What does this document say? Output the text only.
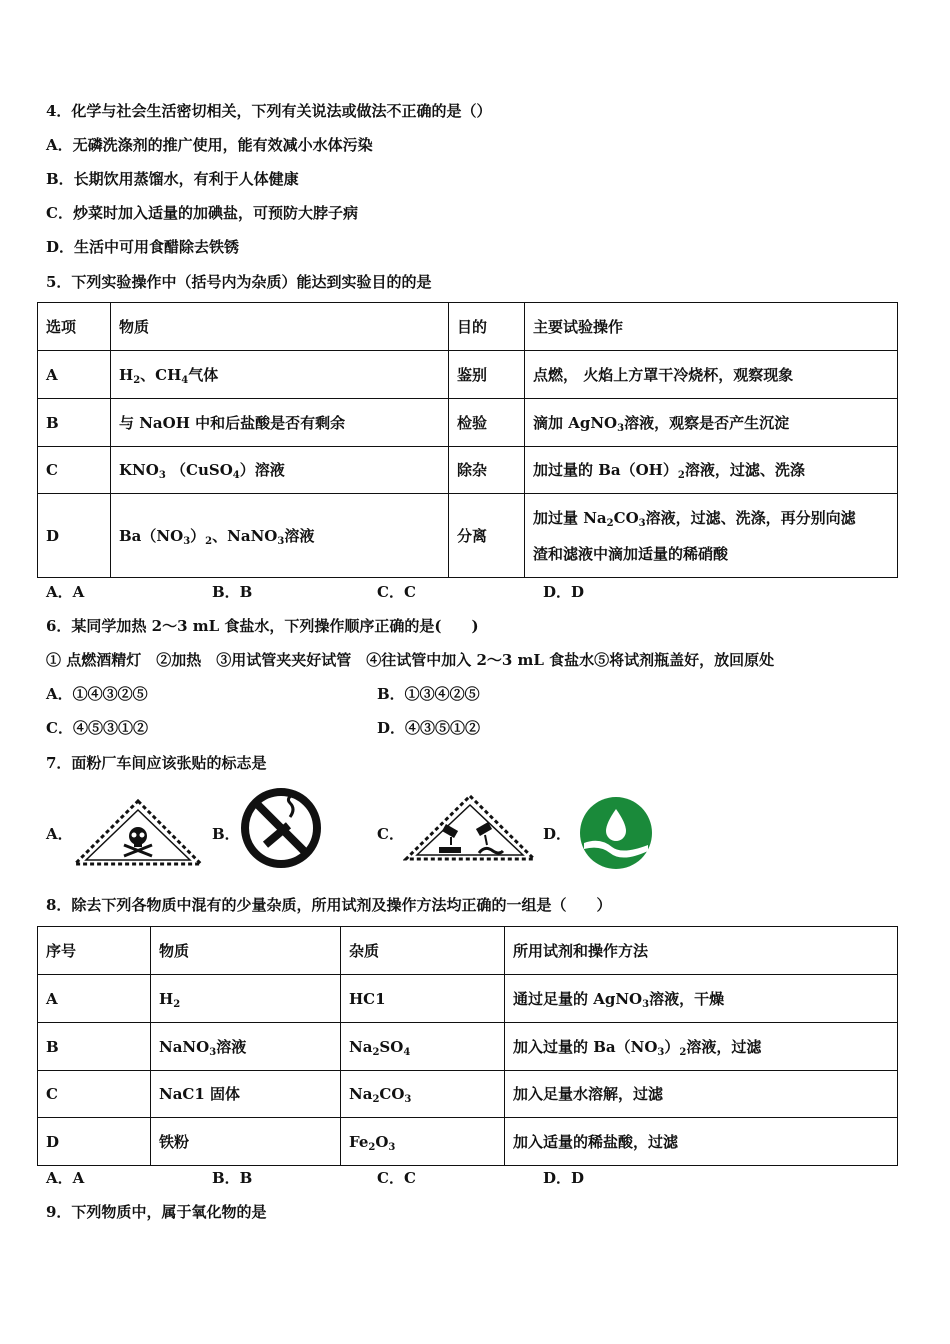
4．化学与社会生活密切相关，下列有关说法或做法不正确的是（）
A．无磷洗涤剂的推广使用，能有效减小水体污染
B．长期饮用蒸馏水，有利于人体健康
C．炒菜时加入适量的加碘盐，可预防大脖子病
D．生活中可用食醋除去铁锈
5．下列实验操作中（括号内为杂质）能达到实验目的的是
选项	物质	目的	主要试验操作
A	$H_2$、$CH_4$气体	鉴别	点燃， 火焰上方罩干冷烧杯，观察现象
B	与 NaOH 中和后盐酸是否有剩余	检验	滴加 AgNO$_3$溶液，观察是否产生沉淀
C	$KNO_3$ （CuSO$_4$）溶液	除杂	加过量的 $Ba(OH)_2$溶液，过滤、洗涤
D	$Ba(NO_3)_2$、NaNO$_3$溶液	分离	加过量 $Na_2CO_3$溶液，过滤、洗涤，再分别向滤
渣和滤液中滴加适量的稀硝酸
A．A	B．B	C．C	D．D
6．某同学加热 2～3 mL 食盐水，下列操作顺序正确的是(　　)
① 点燃酒精灯　②加热　③用试管夹夹好试管　④往试管中加入 2～3 mL 食盐水⑤将试剂瓶盖好，放回原处
A．①④③②⑤	B．①③④②⑤
C．④⑤③①②	D．④③⑤①②
7．面粉厂车间应该张贴的标志是
A．	B．	C．	D．
8．除去下列各物质中混有的少量杂质，所用试剂及操作方法均正确的一组是（　　）
序号	物质	杂质	所用试剂和操作方法
A	$H_2$	HC1	通过足量的 AgNO$_3$溶液，干燥
B	NaNO$_3$溶液	$Na_2SO_4$	加入过量的 $Ba(NO_3)_2$溶液，过滤
C	NaC1 固体	$Na_2CO_3$	加入足量水溶解，过滤
D	铁粉	$Fe_2O_3$	加入适量的稀盐酸，过滤
A．A	B．B	C．C	D．D
9．下列物质中，属于氧化物的是
